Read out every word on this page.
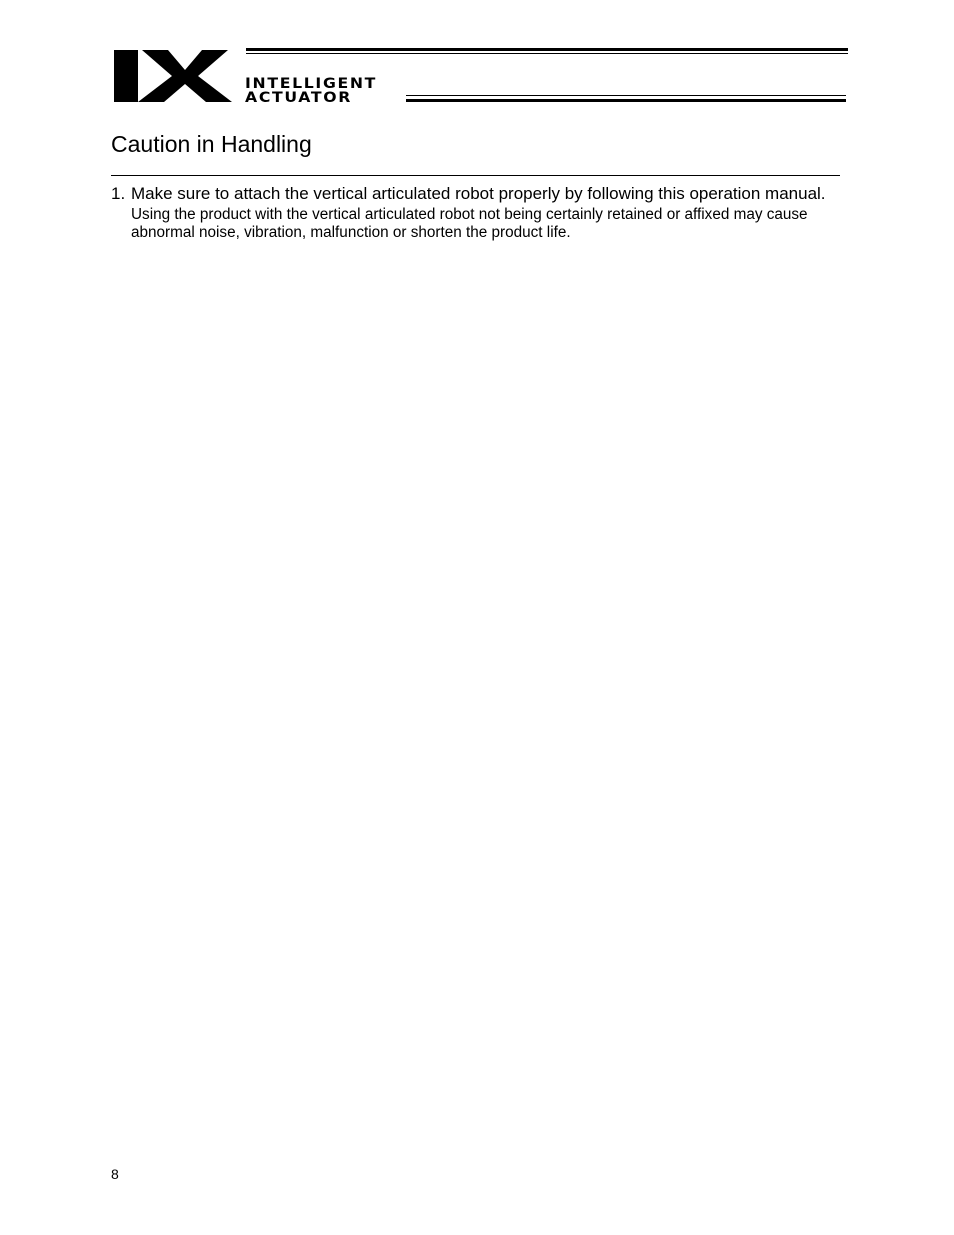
INTELLIGENT
ACTUATOR
Caution in Handling
1. Make sure to attach the vertical articulated robot properly by following this operation manual.
Using the product with the vertical articulated robot not being certainly retained or affixed may cause abnormal noise, vibration, malfunction or shorten the product life.
8
